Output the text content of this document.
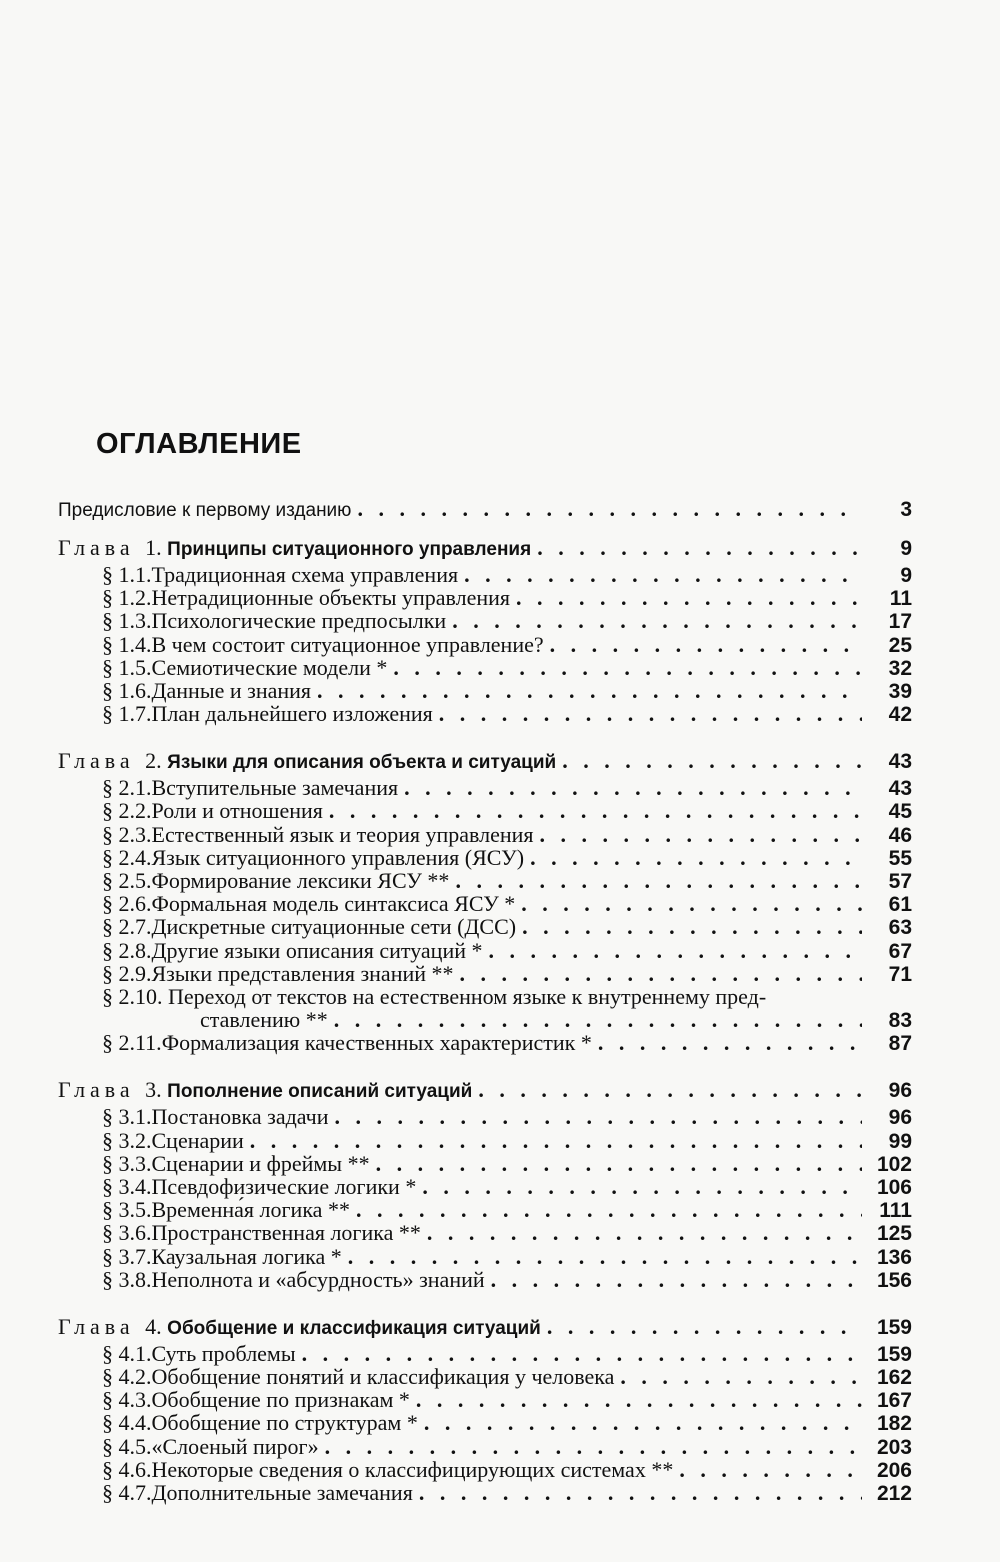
ОГЛАВЛЕНИЕ
Предисловие к первому изданию . . .	3
Глава 1. Принципы ситуационного управления . . .	9
§ 1.1.Традиционная схема управления . . .	9
§ 1.2.Нетрадиционные объекты управления . . .	11
§ 1.3.Психологические предпосылки . . .	17
§ 1.4.В чем состоит ситуационное управление? . . .	25
§ 1.5.Семиотические модели * . . .	32
§ 1.6.Данные и знания . . .	39
§ 1.7.План дальнейшего изложения . . .	42
Глава 2. Языки для описания объекта и ситуаций . . .	43
§ 2.1.Вступительные замечания . . .	43
§ 2.2.Роли и отношения . . .	45
§ 2.3.Естественный язык и теория управления . . .	46
§ 2.4.Язык ситуационного управления (ЯСУ) . . .	55
§ 2.5.Формирование лексики ЯСУ ** . . .	57
§ 2.6.Формальная модель синтаксиса ЯСУ * . . .	61
§ 2.7.Дискретные ситуационные сети (ДСС) . . .	63
§ 2.8.Другие языки описания ситуаций * . . .	67
§ 2.9.Языки представления знаний ** . . .	71
§ 2.10. Переход от текстов на естественном языке к внутреннему пред-
ставлению ** . . .	83
§ 2.11.Формализация качественных характеристик * . . .	87
Глава 3. Пополнение описаний ситуаций . . .	96
§ 3.1.Постановка задачи . . .	96
§ 3.2.Сценарии . . .	99
§ 3.3.Сценарии и фреймы ** . . .	102
§ 3.4.Псевдофизические логики * . . .	106
§ 3.5.Временна́я логика ** . . .	111
§ 3.6.Пространственная логика ** . . .	125
§ 3.7.Каузальная логика * . . .	136
§ 3.8.Неполнота и «абсурдность» знаний . . .	156
Глава 4. Обобщение и классификация ситуаций . . .	159
§ 4.1.Суть проблемы . . .	159
§ 4.2.Обобщение понятий и классификация у человека . . .	162
§ 4.3.Обобщение по признакам * . . .	167
§ 4.4.Обобщение по структурам * . . .	182
§ 4.5.«Слоеный пирог» . . .	203
§ 4.6.Некоторые сведения о классифицирующих системах ** . . .	206
§ 4.7.Дополнительные замечания . . .	212
